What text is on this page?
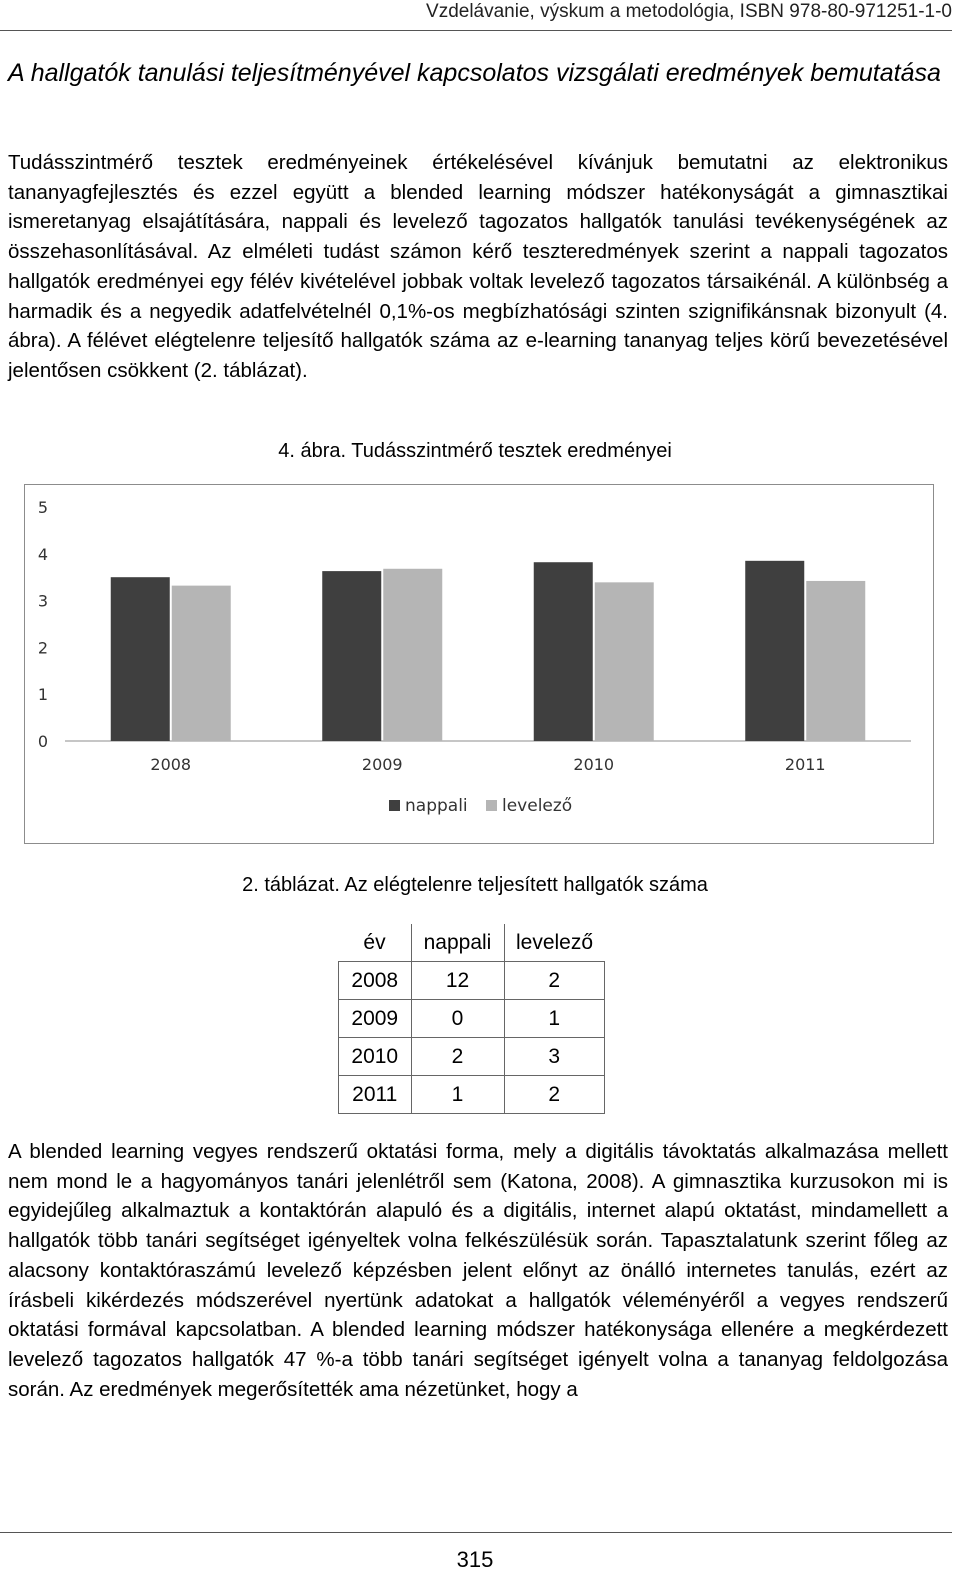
Vzdelávanie, výskum a metodológia, ISBN 978-80-971251-1-0
A hallgatók tanulási teljesítményével kapcsolatos vizsgálati eredmények bemutatása

Tudásszintmérő tesztek eredményeinek értékelésével kívánjuk bemutatni az elektronikus tananyagfejlesztés és ezzel együtt a blended learning módszer hatékonyságát a gimnasztikai ismeretanyag elsajátítására, nappali és levelező tagozatos hallgatók tanulási tevékenységének az összehasonlításával. Az elméleti tudást számon kérő teszteredmények szerint a nappali tagozatos hallgatók eredményei egy félév kivételével jobbak voltak levelező tagozatos társaikénál. A különbség a harmadik és a negyedik adatfelvételnél 0,1%-os megbízhatósági szinten szignifikánsnak bizonyult (4. ábra). A félévet elégtelenre teljesítő hallgatók száma az e-learning tananyag teljes körű bevezetésével jelentősen csökkent (2. táblázat).

4. ábra. Tudásszintmérő tesztek eredményei
0
1
2
3
4
5
2008	2009	2010	2011
nappali levelező
2. táblázat. Az elégtelenre teljesített hallgatók száma
év	nappali	levelező
2008	12	2
2009	0	1
2010	2	3
2011	1	2

A blended learning vegyes rendszerű oktatási forma, mely a digitális távoktatás alkalmazása mellett nem mond le a hagyományos tanári jelenlétről sem (Katona, 2008). A gimnasztika kurzusokon mi is egyidejűleg alkalmaztuk a kontaktórán alapuló és a digitális, internet alapú oktatást, mindamellett a hallgatók több tanári segítséget igényeltek volna felkészülésük során. Tapasztalatunk szerint főleg az alacsony kontaktóraszámú levelező képzésben jelent előnyt az önálló internetes tanulás, ezért az írásbeli kikérdezés módszerével nyertünk adatokat a hallgatók véleményéről a vegyes rendszerű oktatási formával kapcsolatban. A blended learning módszer hatékonysága ellenére a megkérdezett levelező tagozatos hallgatók 47 %-a több tanári segítséget igényelt volna a tananyag feldolgozása során. Az eredmények megerősítették ama nézetünket, hogy a

315
